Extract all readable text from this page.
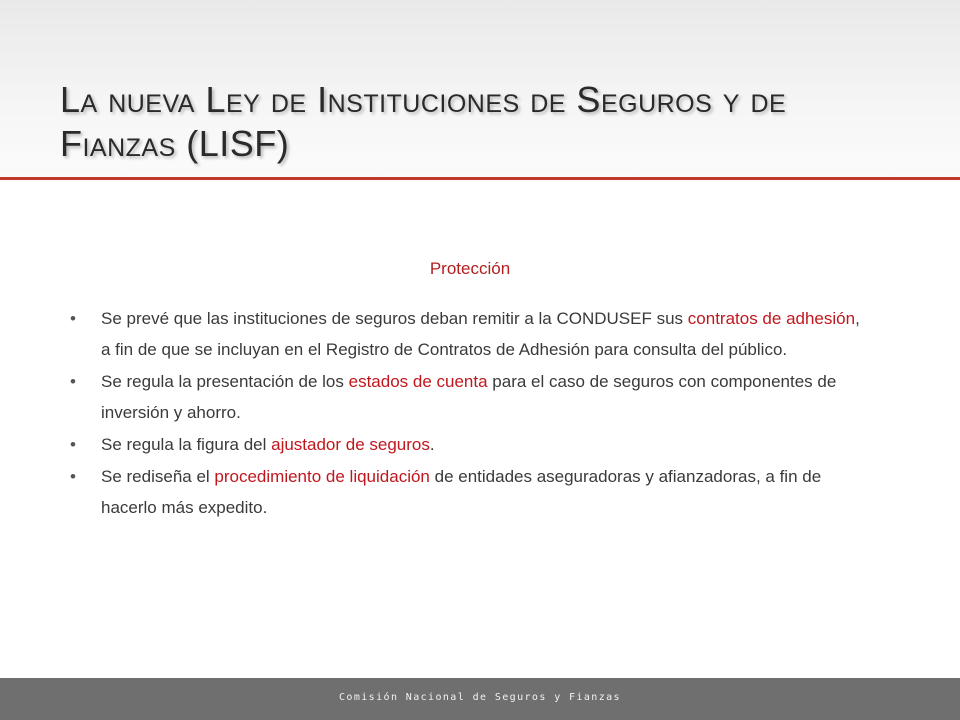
La nueva Ley de Instituciones de Seguros y de
Fianzas (LISF)
Protección
• Se prevé que las instituciones de seguros deban remitir a la CONDUSEF sus contratos de adhesión, a fin de que se incluyan en el Registro de Contratos de Adhesión para consulta del público.
• Se regula la presentación de los estados de cuenta para el caso de seguros con componentes de inversión y ahorro.
• Se regula la figura del ajustador de seguros.
• Se rediseña el procedimiento de liquidación de entidades aseguradoras y afianzadoras, a fin de hacerlo más expedito.
Comisión Nacional de Seguros y Fianzas
